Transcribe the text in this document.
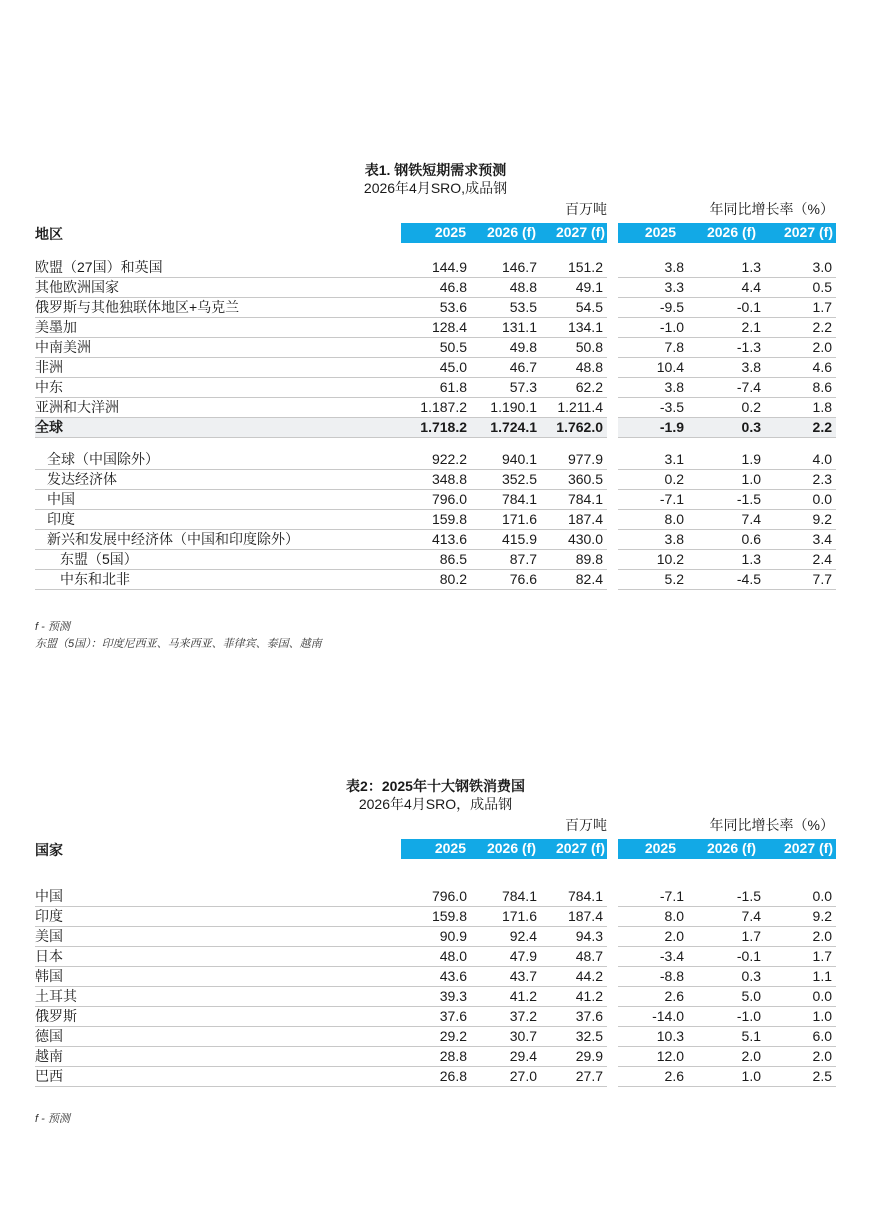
表1. 钢铁短期需求预测
2026年4月SRO,成品钢
百万吨	年同比增长率（%）
地区	2025 2026 (f) 2027 (f)	2025 2026 (f) 2027 (f)
欧盟（27国）和英国	144.9	146.7	151.2		3.8	1.3	3.0
其他欧洲国家	46.8	48.8	49.1		3.3	4.4	0.5
俄罗斯与其他独联体地区+乌克兰	53.6	53.5	54.5		-9.5	-0.1	1.7
美墨加	128.4	131.1	134.1		-1.0	2.1	2.2
中南美洲	50.5	49.8	50.8		7.8	-1.3	2.0
非洲	45.0	46.7	48.8		10.4	3.8	4.6
中东	61.8	57.3	62.2		3.8	-7.4	8.6
亚洲和大洋洲	1.187.2	1.190.1	1.211.4		-3.5	0.2	1.8
全球	1.718.2	1.724.1	1.762.0		-1.9	0.3	2.2
全球（中国除外）	922.2	940.1	977.9		3.1	1.9	4.0
发达经济体	348.8	352.5	360.5		0.2	1.0	2.3
中国	796.0	784.1	784.1		-7.1	-1.5	0.0
印度	159.8	171.6	187.4		8.0	7.4	9.2
新兴和发展中经济体（中国和印度除外）	413.6	415.9	430.0		3.8	0.6	3.4
东盟（5国）	86.5	87.7	89.8		10.2	1.3	2.4
中东和北非	80.2	76.6	82.4		5.2	-4.5	7.7
f - 预测
东盟（5国）：印度尼西亚、马来西亚、菲律宾、泰国、越南
表2：2025年十大钢铁消费国
2026年4月SRO，成品钢
百万吨	年同比增长率（%）
国家	2025 2026 (f) 2027 (f)	2025 2026 (f) 2027 (f)
中国	796.0	784.1	784.1		-7.1	-1.5	0.0
印度	159.8	171.6	187.4		8.0	7.4	9.2
美国	90.9	92.4	94.3		2.0	1.7	2.0
日本	48.0	47.9	48.7		-3.4	-0.1	1.7
韩国	43.6	43.7	44.2		-8.8	0.3	1.1
土耳其	39.3	41.2	41.2		2.6	5.0	0.0
俄罗斯	37.6	37.2	37.6		-14.0	-1.0	1.0
德国	29.2	30.7	32.5		10.3	5.1	6.0
越南	28.8	29.4	29.9		12.0	2.0	2.0
巴西	26.8	27.0	27.7		2.6	1.0	2.5
f - 预测
